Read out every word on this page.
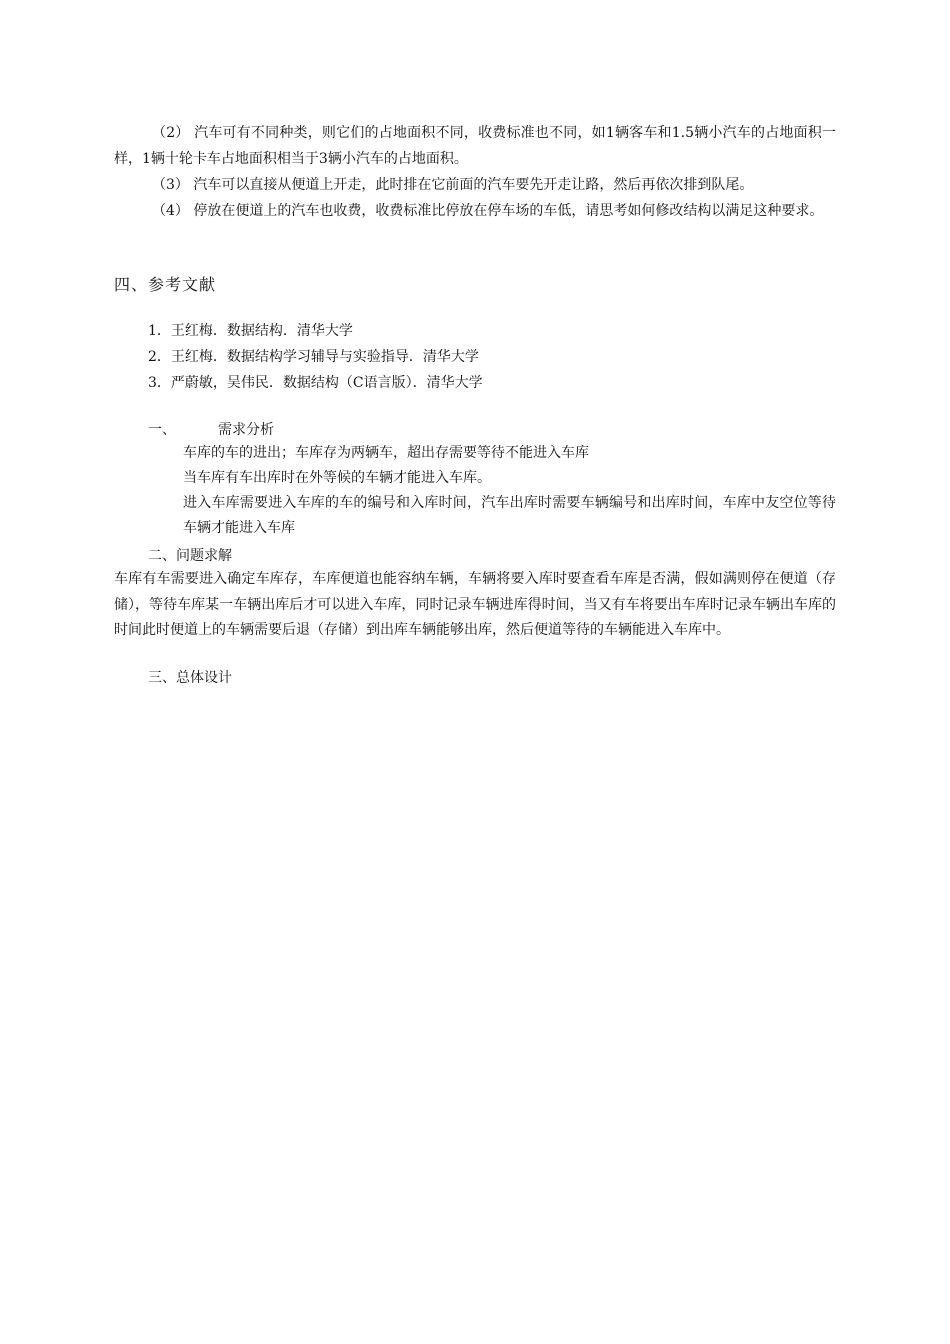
（2） 汽车可有不同种类，则它们的占地面积不同，收费标准也不同，如1辆客车和1.5辆小汽车的占地面积一样，1辆十轮卡车占地面积相当于3辆小汽车的占地面积。

（3） 汽车可以直接从便道上开走，此时排在它前面的汽车要先开走让路，然后再依次排到队尾。

（4） 停放在便道上的汽车也收费，收费标准比停放在停车场的车低，请思考如何修改结构以满足这种要求。

四、参考文献

1．王红梅．数据结构．清华大学

2．王红梅．数据结构学习辅导与实验指导．清华大学

3．严蔚敏，吴伟民．数据结构（C语言版）．清华大学

一、	需求分析

车库的车的进出；车库存为两辆车，超出存需要等待不能进入车库

当车库有车出库时在外等候的车辆才能进入车库。

进入车库需要进入车库的车的编号和入库时间，汽车出库时需要车辆编号和出库时间，车库中友空位等待车辆才能进入车库

二、问题求解
车库有车需要进入确定车库存，车库便道也能容纳车辆，车辆将要入库时要查看车库是否满，假如满则停在便道（存储），等待车库某一车辆出库后才可以进入车库，同时记录车辆进库得时间，当又有车将要出车库时记录车辆出车库的时间此时便道上的车辆需要后退（存储）到出库车辆能够出库，然后便道等待的车辆能进入车库中。
三、总体设计
